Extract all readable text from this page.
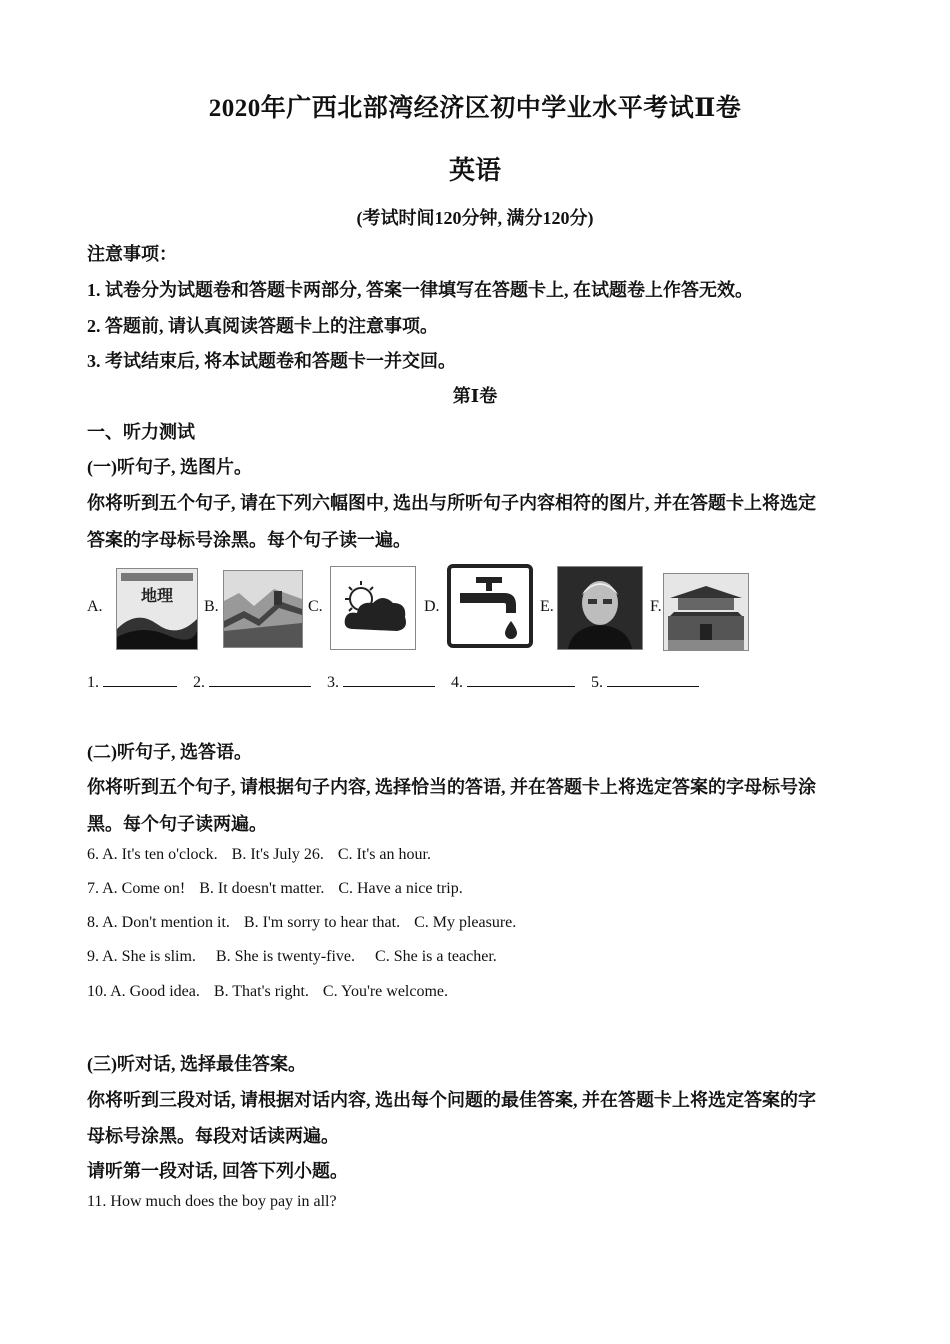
2020年广西北部湾经济区初中学业水平考试Ⅱ卷
英语
(考试时间120分钟, 满分120分)
注意事项：
1. 试卷分为试题卷和答题卡两部分, 答案一律填写在答题卡上, 在试题卷上作答无效。
2. 答题前, 请认真阅读答题卡上的注意事项。
3. 考试结束后, 将本试题卷和答题卡一并交回。
第Ⅰ卷
一、听力测试
(一)听句子, 选图片。
你将听到五个句子, 请在下列六幅图中, 选出与所听句子内容相符的图片, 并在答题卡上将选定
答案的字母标号涂黑。每个句子读一遍。
A.
地理
B.	C.	D.	E.	F.
1.	2.	3.	4.	5.
(二)听句子, 选答语。
你将听到五个句子, 请根据句子内容, 选择恰当的答语, 并在答题卡上将选定答案的字母标号涂
黑。每个句子读两遍。
6. A. It's ten o'clock. B. It's July 26. C. It's an hour.
7. A. Come on! B. It doesn't matter. C. Have a nice trip.
8. A. Don't mention it. B. I'm sorry to hear that. C. My pleasure.
9. A. She is slim. B. She is twenty-five. C. She is a teacher.
10. A. Good idea. B. That's right. C. You're welcome.
(三)听对话, 选择最佳答案。
你将听到三段对话, 请根据对话内容, 选出每个问题的最佳答案, 并在答题卡上将选定答案的字
母标号涂黑。每段对话读两遍。
请听第一段对话, 回答下列小题。
11. How much does the boy pay in all?
